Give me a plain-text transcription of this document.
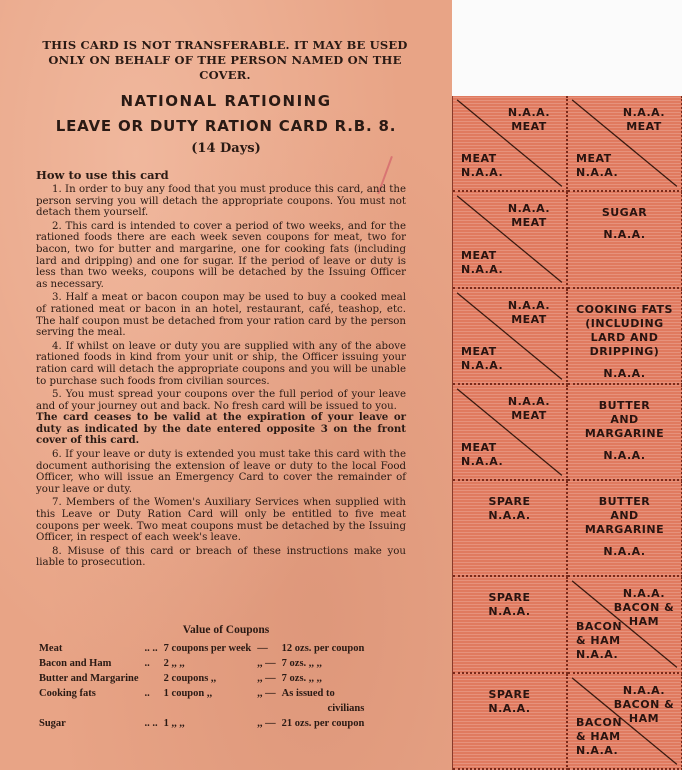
THIS CARD IS NOT TRANSFERABLE. IT MAY BE USED ONLY ON BEHALF OF THE PERSON NAMED ON THE COVER.
NATIONAL RATIONING
LEAVE OR DUTY RATION CARD R.B. 8.
(14 Days)
How to use this card

1. In order to buy any food that you must produce this card, and the person serving you will detach the appropriate coupons. You must not detach them yourself.

2. This card is intended to cover a period of two weeks, and for the rationed foods there are each week seven coupons for meat, two for bacon, two for butter and margarine, one for cooking fats (including lard and dripping) and one for sugar. If the period of leave or duty is less than two weeks, coupons will be detached by the Issuing Officer as necessary.

3. Half a meat or bacon coupon may be used to buy a cooked meal of rationed meat or bacon in an hotel, restaurant, café, teashop, etc. The half coupon must be detached from your ration card by the person serving the meal.

4. If whilst on leave or duty you are supplied with any of the above rationed foods in kind from your unit or ship, the Officer issuing your ration card will detach the appropriate coupons and you will be unable to purchase such foods from civilian sources.

5. You must spread your coupons over the full period of your leave and of your journey out and back. No fresh card will be issued to you.

The card ceases to be valid at the expiration of your leave or duty as indicated by the date entered opposite 3 on the front cover of this card.

6. If your leave or duty is extended you must take this card with the document authorising the extension of leave or duty to the local Food Officer, who will issue an Emergency Card to cover the remainder of your leave or duty.

7. Members of the Women's Auxiliary Services when supplied with this Leave or Duty Ration Card will only be entitled to five meat coupons per week. Two meat coupons must be detached by the Issuing Officer, in respect of each week's leave.

8. Misuse of this card or breach of these instructions make you liable to prosecution.

Value of Coupons
Meat	.. ..	7 coupons per week	—	12 ozs. per coupon
Bacon and Ham	..	2 ,, ,,	,, —	7 ozs. ,, ,,
Butter and Margarine		2 coupons ,,	,, —	7 ozs. ,, ,,
Cooking fats	..	1 coupon ,,	,, —	As issued to
civilians				
Sugar	.. ..	1 ,, ,,	,, —	21 ozs. per coupon
N.A.A.
MEAT
MEAT
N.A.A.
N.A.A.
MEAT
MEAT
N.A.A.
N.A.A.
MEAT
MEAT
N.A.A.
SUGAR
N.A.A.
N.A.A.
MEAT
MEAT
N.A.A.
COOKING FATS
(INCLUDING
LARD AND DRIPPING)
N.A.A.
N.A.A.
MEAT
MEAT
N.A.A.
BUTTER
AND
MARGARINE
N.A.A.
SPARE
N.A.A.
BUTTER
AND
MARGARINE
N.A.A.
SPARE
N.A.A.
N.A.A.
BACON & HAM
BACON & HAM
N.A.A.
SPARE
N.A.A.
N.A.A.
BACON & HAM
BACON & HAM
N.A.A.
